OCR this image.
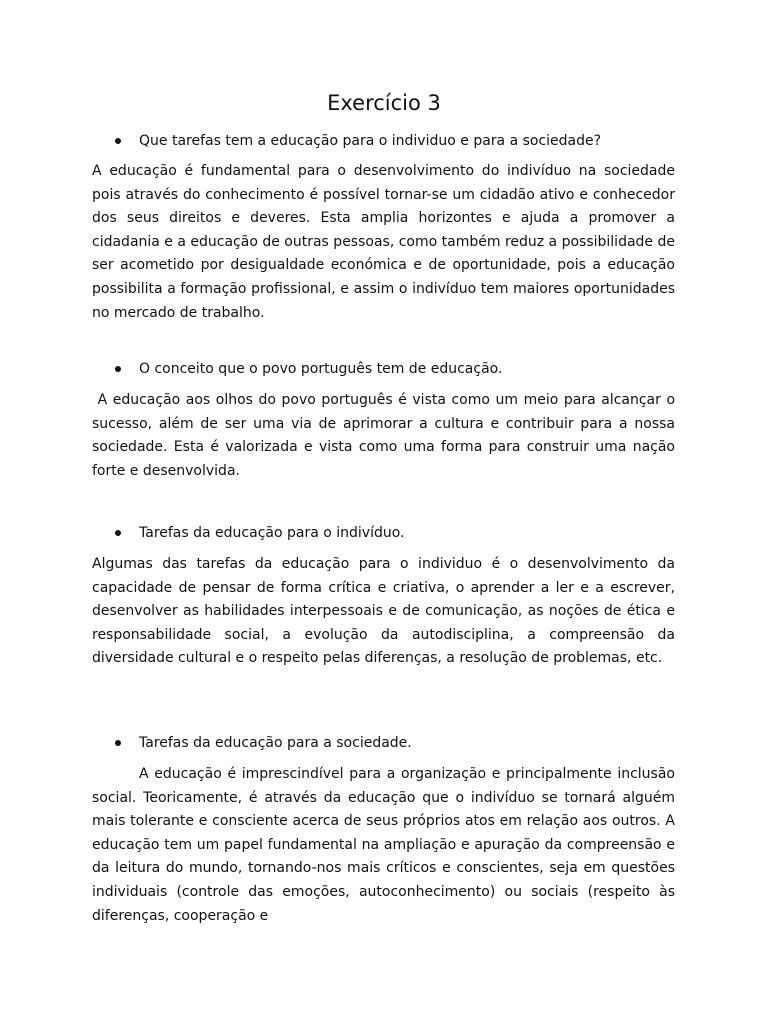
Exercício 3
Que tarefas tem a educação para o individuo e para a sociedade?

A educação é fundamental para o desenvolvimento do indivíduo na sociedade pois através do conhecimento é possível tornar-se um cidadão ativo e conhecedor dos seus direitos e deveres. Esta amplia horizontes e ajuda a promover a cidadania e a educação de outras pessoas, como também reduz a possibilidade de ser acometido por desigualdade económica e de oportunidade, pois a educação possibilita a formação profissional, e assim o indivíduo tem maiores oportunidades no mercado de trabalho.

O conceito que o povo português tem de educação.

A educação aos olhos do povo português é vista como um meio para alcançar o sucesso, além de ser uma via de aprimorar a cultura e contribuir para a nossa sociedade. Esta é valorizada e vista como uma forma para construir uma nação forte e desenvolvida.

Tarefas da educação para o indivíduo.

Algumas das tarefas da educação para o individuo é o desenvolvimento da capacidade de pensar de forma crítica e criativa, o aprender a ler e a escrever, desenvolver as habilidades interpessoais e de comunicação, as noções de ética e responsabilidade social, a evolução da autodisciplina, a compreensão da diversidade cultural e o respeito pelas diferenças, a resolução de problemas, etc.

Tarefas da educação para a sociedade.

A educação é imprescindível para a organização e principalmente inclusão social. Teoricamente, é através da educação que o indivíduo se tornará alguém mais tolerante e consciente acerca de seus próprios atos em relação aos outros. A educação tem um papel fundamental na ampliação e apuração da compreensão e da leitura do mundo, tornando-nos mais críticos e conscientes, seja em questões individuais (controle das emoções, autoconhecimento) ou sociais (respeito às diferenças, cooperação e
